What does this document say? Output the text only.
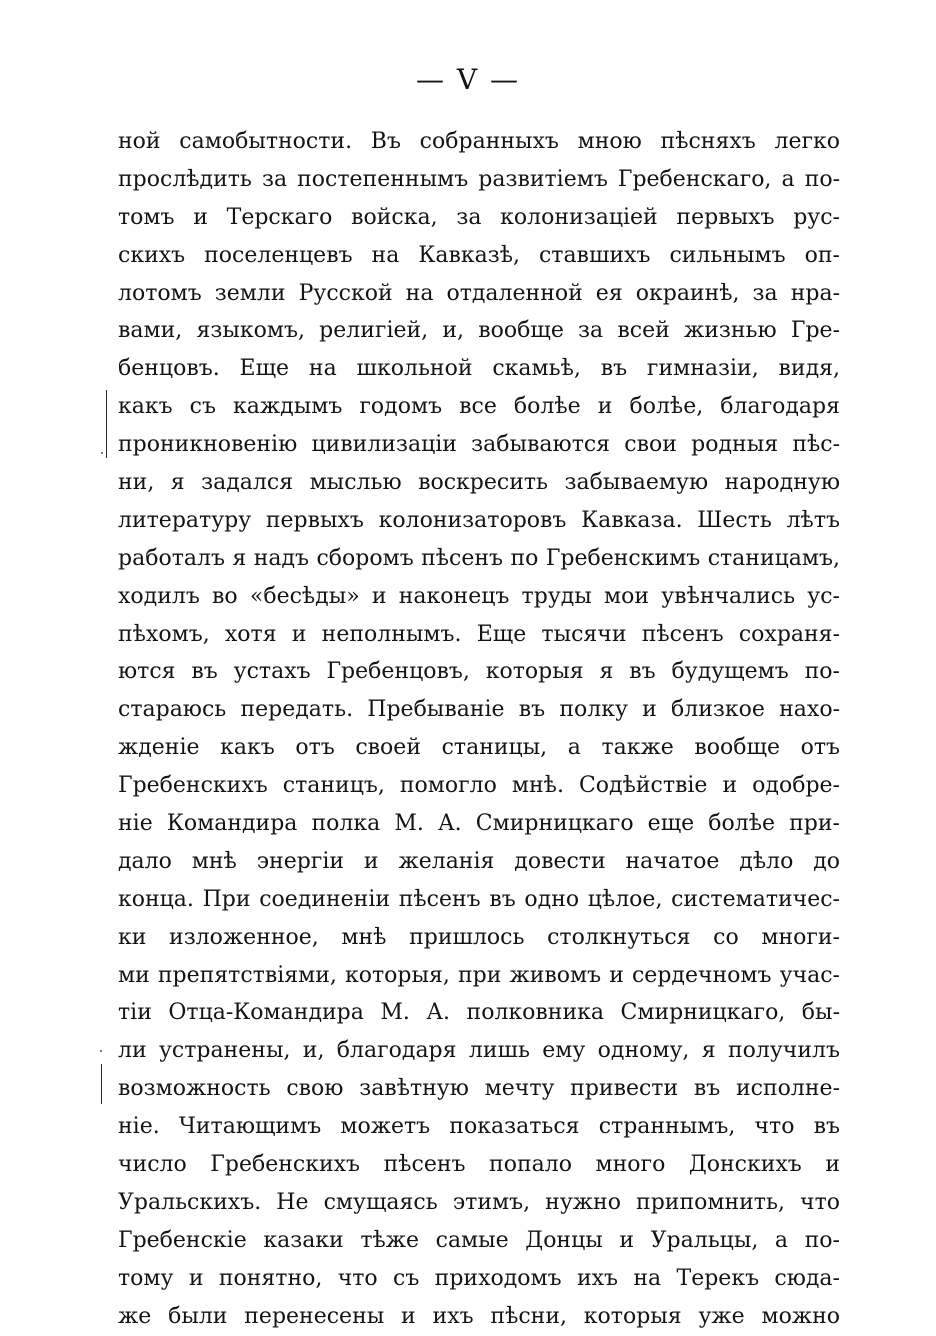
— V —
ной самобытности. Въ собранныхъ мною пѣсняхъ легко
прослѣдить за постепеннымъ развитіемъ Гребенскаго, а по-
томъ и Терскаго войска, за колонизаціей первыхъ рус-
скихъ поселенцевъ на Кавказѣ, ставшихъ сильнымъ оп-
лотомъ земли Русской на отдаленной ея окраинѣ, за нра-
вами, языкомъ, религіей, и, вообще за всей жизнью Гре-
бенцовъ. Еще на школьной скамьѣ, въ гимназіи, видя,
какъ съ каждымъ годомъ все болѣе и болѣе, благодаря
проникновенію цивилизаціи забываются свои родныя пѣс-
ни, я задался мыслью воскресить забываемую народную
литературу первыхъ колонизаторовъ Кавказа. Шесть лѣтъ
работалъ я надъ сборомъ пѣсенъ по Гребенскимъ станицамъ,
ходилъ во «бесѣды» и наконецъ труды мои увѣнчались ус-
пѣхомъ, хотя и неполнымъ. Еще тысячи пѣсенъ сохраня-
ются въ устахъ Гребенцовъ, которыя я въ будущемъ по-
стараюсь передать. Пребываніе въ полку и близкое нахо-
жденіе какъ отъ своей станицы, а также вообще отъ
Гребенскихъ станицъ, помогло мнѣ. Содѣйствіе и одобре-
ніе Командира полка М. А. Смирницкаго еще болѣе при-
дало мнѣ энергіи и желанія довести начатое дѣло до
конца. При соединеніи пѣсенъ въ одно цѣлое, систематичес-
ки изложенное, мнѣ пришлось столкнуться со многи-
ми препятствіями, которыя, при живомъ и сердечномъ учас-
тіи Отца-Командира М. А. полковника Смирницкаго, бы-
ли устранены, и, благодаря лишь ему одному, я получилъ
возможность свою завѣтную мечту привести въ исполне-
ніе. Читающимъ можетъ показаться страннымъ, что въ
число Гребенскихъ пѣсенъ попало много Донскихъ и
Уральскихъ. Не смущаясь этимъ, нужно припомнить, что
Гребенскіе казаки тѣже самые Донцы и Уральцы, а по-
тому и понятно, что съ приходомъ ихъ на Терекъ сюда-
же были перенесены и ихъ пѣсни, которыя уже можно
